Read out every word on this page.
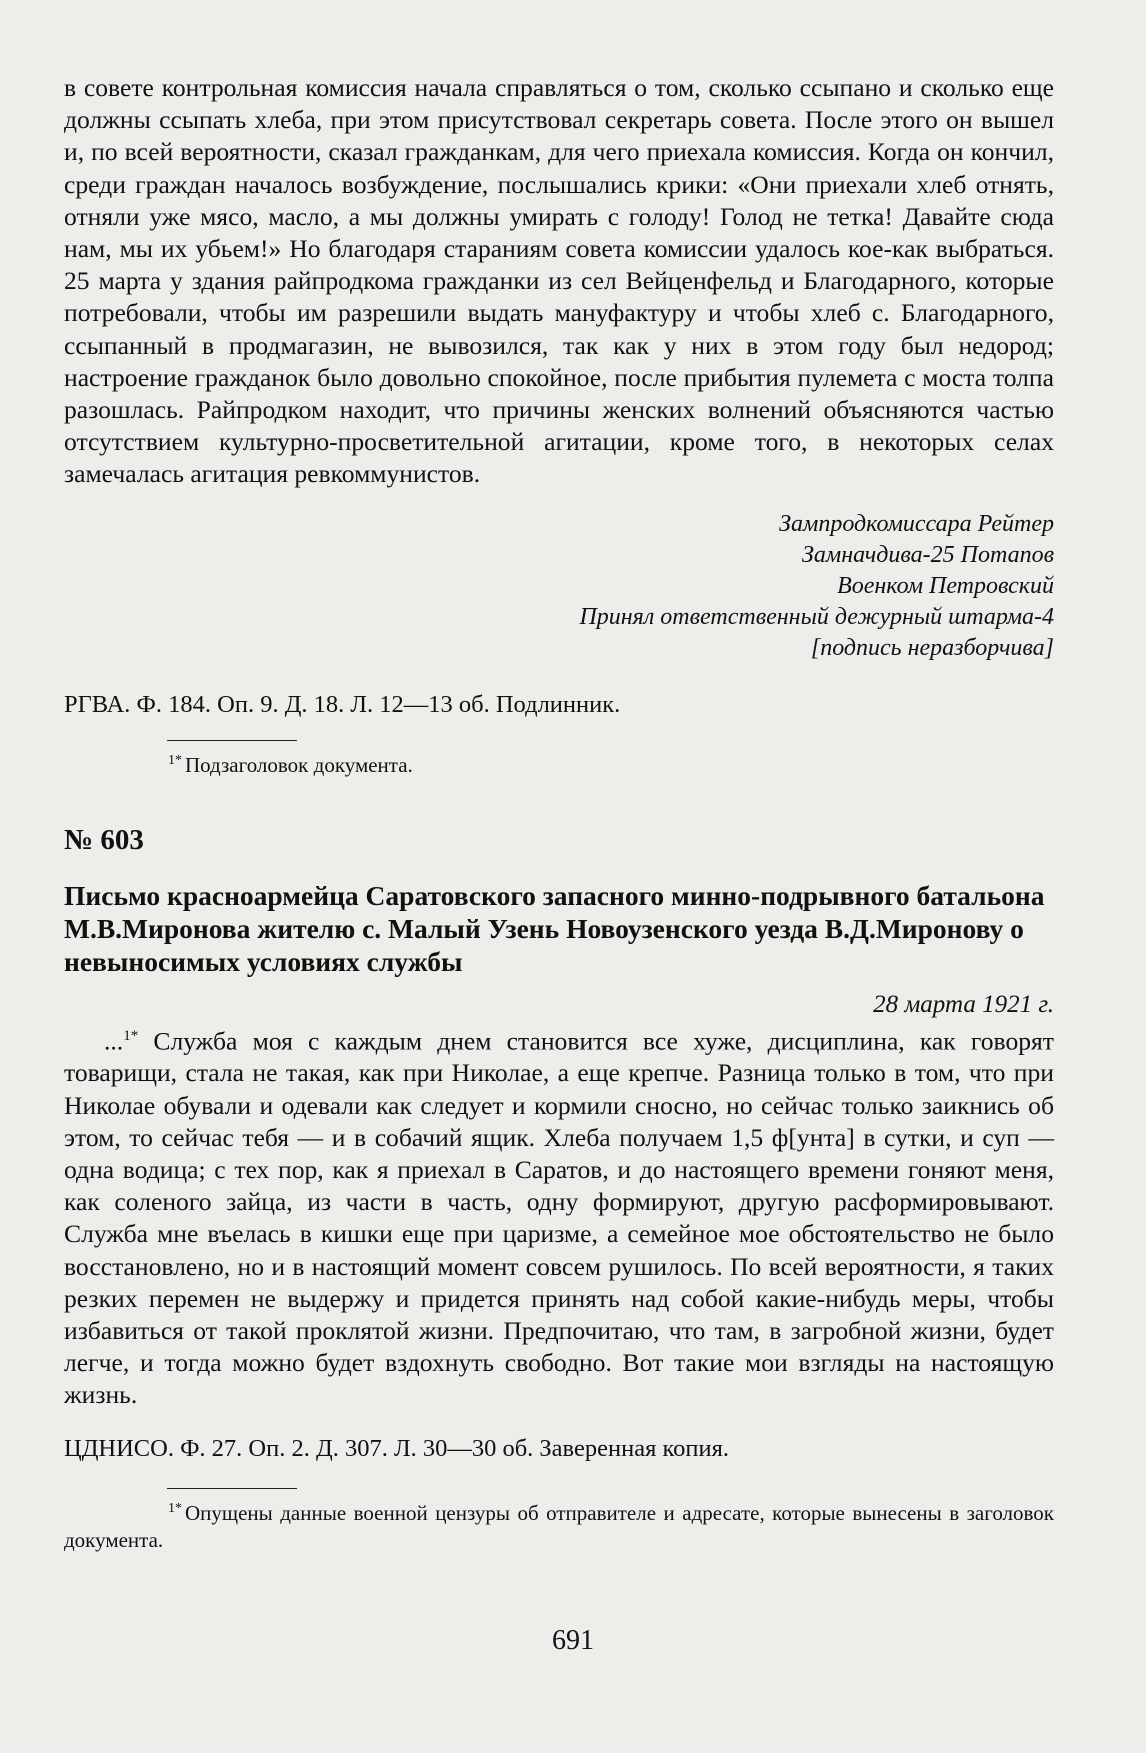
в совете контрольная комиссия начала справляться о том, сколько ссыпано и сколько еще должны ссыпать хлеба, при этом присутствовал секретарь совета. После этого он вышел и, по всей вероятности, сказал гражданкам, для чего приехала комиссия. Когда он кончил, среди граждан началось возбуждение, послышались крики: «Они приехали хлеб отнять, отняли уже мясо, масло, а мы должны умирать с голоду! Голод не тетка! Давайте сюда нам, мы их убьем!» Но благодаря стараниям совета комиссии удалось кое-как выбраться. 25 марта у здания райпродкома гражданки из сел Вейценфельд и Благодарного, которые потребовали, чтобы им разрешили выдать мануфактуру и чтобы хлеб с. Благодарного, ссыпанный в продмагазин, не вывозился, так как у них в этом году был недород; настроение гражданок было довольно спокойное, после прибытия пулемета с моста толпа разошлась. Райпродком находит, что причины женских волнений объясняются частью отсутствием культурно-просветительной агитации, кроме того, в некоторых селах замечалась агитация ревкоммунистов.

Зампродкомиссара Рейтер
Замначдива-25 Потапов
Военком Петровский
Принял ответственный дежурный штарма-4
[подпись неразборчива]
РГВА. Ф. 184. Оп. 9. Д. 18. Л. 12—13 об. Подлинник.
$^{1*}$ Подзаголовок документа.
№ 603
Письмо красноармейца Саратовского запасного минно-подрывного батальона М.В.Миронова жителю с. Малый Узень Новоузенского уезда В.Д.Миронову о невыносимых условиях службы
28 марта 1921 г.

...$^{1*}$ Служба моя с каждым днем становится все хуже, дисциплина, как говорят товарищи, стала не такая, как при Николае, а еще крепче. Разница только в том, что при Николае обували и одевали как следует и кормили сносно, но сейчас только заикнись об этом, то сейчас тебя — и в собачий ящик. Хлеба получаем 1,5 ф[унта] в сутки, и суп — одна водица; с тех пор, как я приехал в Саратов, и до настоящего времени гоняют меня, как соленого зайца, из части в часть, одну формируют, другую расформировывают. Служба мне въелась в кишки еще при царизме, а семейное мое обстоятельство не было восстановлено, но и в настоящий момент совсем рушилось. По всей вероятности, я таких резких перемен не выдержу и придется принять над собой какие-нибудь меры, чтобы избавиться от такой проклятой жизни. Предпочитаю, что там, в загробной жизни, будет легче, и тогда можно будет вздохнуть свободно. Вот такие мои взгляды на настоящую жизнь.

ЦДНИСО. Ф. 27. Оп. 2. Д. 307. Л. 30—30 об. Заверенная копия.
$^{1*}$ Опущены данные военной цензуры об отправителе и адресате, которые вынесены в заголовок документа.
691
